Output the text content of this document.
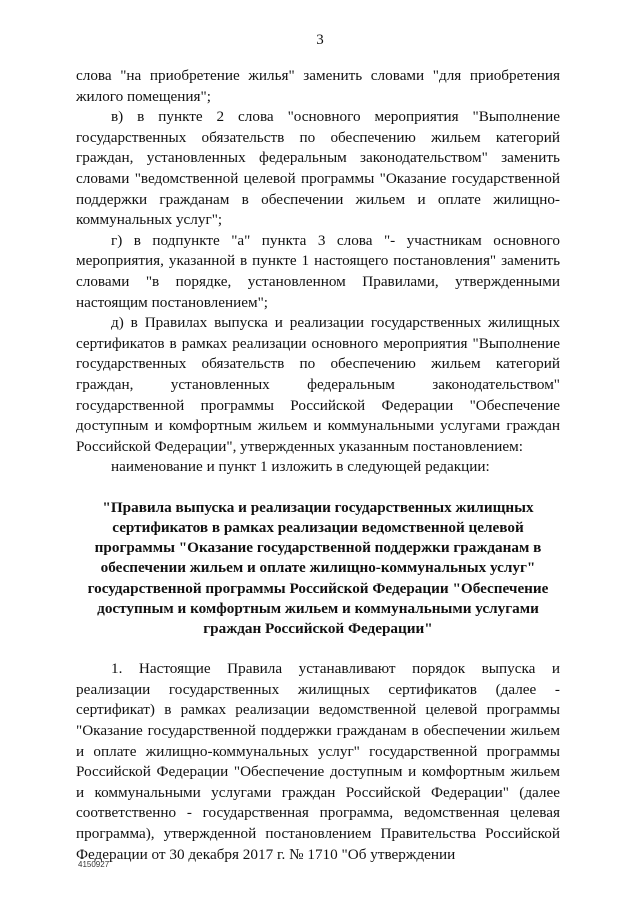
3

слова "на приобретение жилья" заменить словами "для приобретения жилого помещения";

в) в пункте 2 слова "основного мероприятия "Выполнение государственных обязательств по обеспечению жильем категорий граждан, установленных федеральным законодательством" заменить словами "ведомственной целевой программы "Оказание государственной поддержки гражданам в обеспечении жильем и оплате жилищно-коммунальных услуг";

г) в подпункте "а" пункта 3 слова "- участникам основного мероприятия, указанной в пункте 1 настоящего постановления" заменить словами "в порядке, установленном Правилами, утвержденными настоящим постановлением";

д) в Правилах выпуска и реализации государственных жилищных сертификатов в рамках реализации основного мероприятия "Выполнение государственных обязательств по обеспечению жильем категорий граждан, установленных федеральным законодательством" государственной программы Российской Федерации "Обеспечение доступным и комфортным жильем и коммунальными услугами граждан Российской Федерации", утвержденных указанным постановлением:

наименование и пункт 1 изложить в следующей редакции:

"Правила выпуска и реализации государственных жилищных сертификатов в рамках реализации ведомственной целевой программы "Оказание государственной поддержки гражданам в обеспечении жильем и оплате жилищно-коммунальных услуг" государственной программы Российской Федерации "Обеспечение доступным и комфортным жильем и коммунальными услугами граждан Российской Федерации"

1. Настоящие Правила устанавливают порядок выпуска и реализации государственных жилищных сертификатов (далее - сертификат) в рамках реализации ведомственной целевой программы "Оказание государственной поддержки гражданам в обеспечении жильем и оплате жилищно-коммунальных услуг" государственной программы Российской Федерации "Обеспечение доступным и комфортным жильем и коммунальными услугами граждан Российской Федерации" (далее соответственно - государственная программа, ведомственная целевая программа), утвержденной постановлением Правительства Российской Федерации от 30 декабря 2017 г. № 1710 "Об утверждении

4150927
